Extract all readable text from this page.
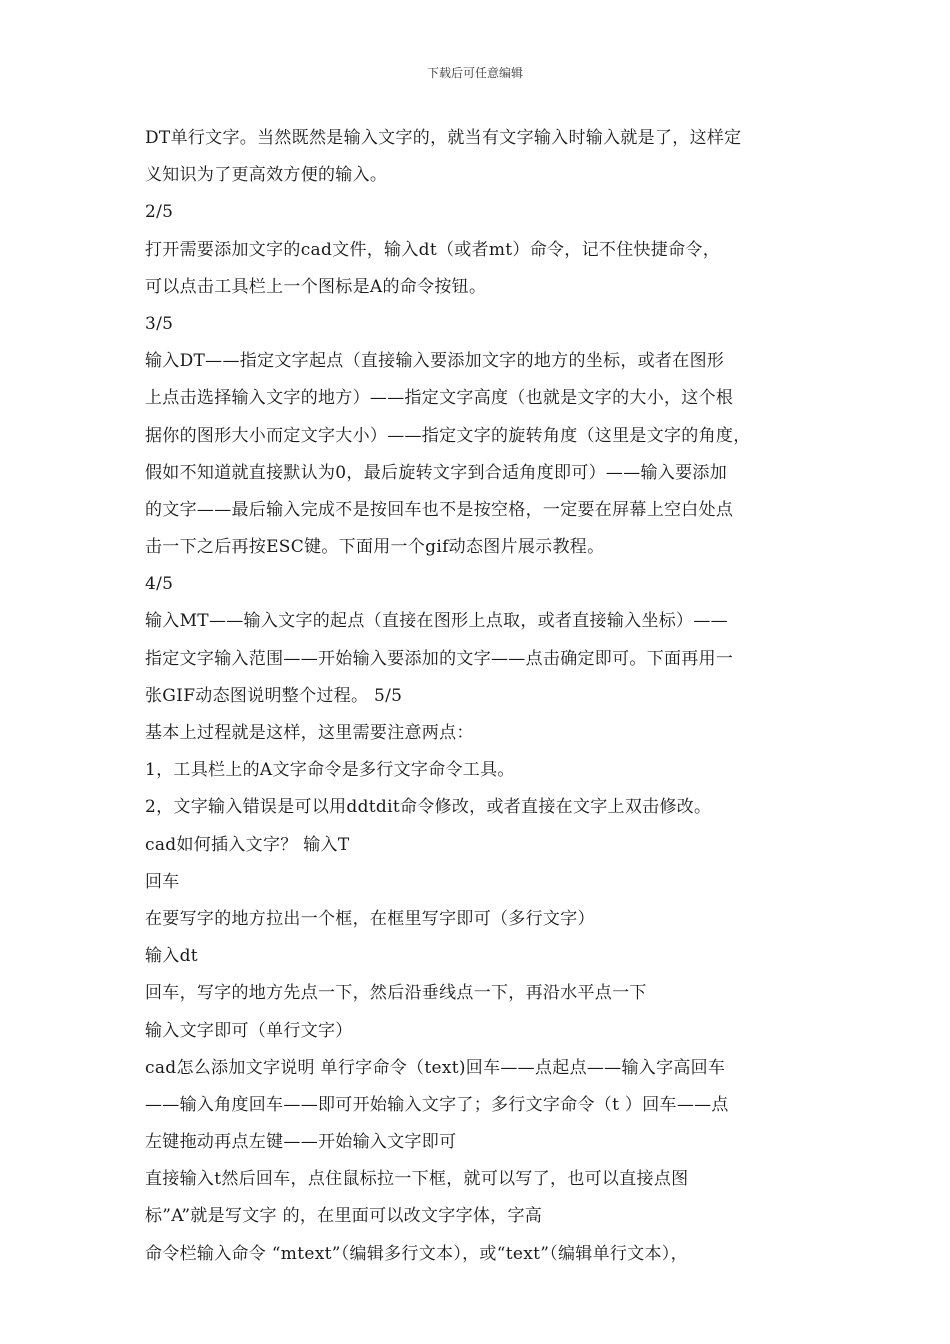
下载后可任意编辑
DT单行文字。当然既然是输入文字的，就当有文字输入时输入就是了，这样定
义知识为了更高效方便的输入。
2/5
打开需要添加文字的cad文件，输入dt（或者mt）命令，记不住快捷命令，
可以点击工具栏上一个图标是A的命令按钮。
3/5
输入DT——指定文字起点（直接输入要添加文字的地方的坐标，或者在图形
上点击选择输入文字的地方）——指定文字高度（也就是文字的大小，这个根
据你的图形大小而定文字大小）——指定文字的旋转角度（这里是文字的角度，
假如不知道就直接默认为0，最后旋转文字到合适角度即可）——输入要添加
的文字——最后输入完成不是按回车也不是按空格，一定要在屏幕上空白处点
击一下之后再按ESC键。下面用一个gif动态图片展示教程。
4/5
输入MT——输入文字的起点（直接在图形上点取，或者直接输入坐标）——
指定文字输入范围——开始输入要添加的文字——点击确定即可。下面再用一
张GIF动态图说明整个过程。 5/5
基本上过程就是这样，这里需要注意两点：
1，工具栏上的A文字命令是多行文字命令工具。
2，文字输入错误是可以用ddtdit命令修改，或者直接在文字上双击修改。
cad如何插入文字？ 输入T
回车
在要写字的地方拉出一个框，在框里写字即可（多行文字）
输入dt
回车，写字的地方先点一下，然后沿垂线点一下，再沿水平点一下
输入文字即可（单行文字）
cad怎么添加文字说明 单行字命令（text)回车——点起点——输入字高回车
——输入角度回车——即可开始输入文字了；多行文字命令（t ）回车——点
左键拖动再点左键——开始输入文字即可
直接输入t然后回车，点住鼠标拉一下框，就可以写了，也可以直接点图
标”A”就是写文字 的，在里面可以改文字字体，字高
命令栏输入命令 “mtext”（编辑多行文本），或“text”（编辑单行文本），
